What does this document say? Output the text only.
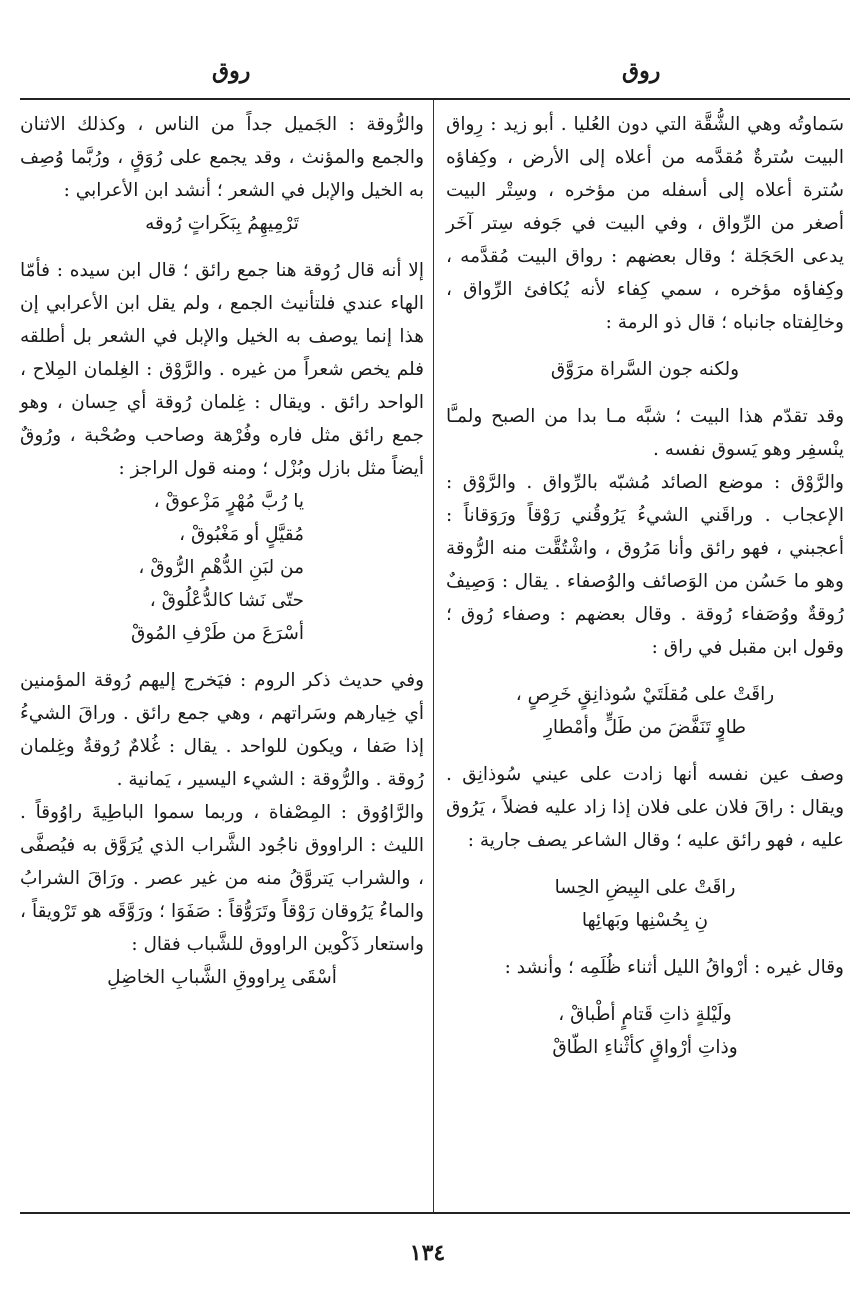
روق
روق

سَماوتُه وهي الشُّقَّة التي دون العُليا . أبو زيد : رِواق البيت سُترةٌ مُقدَّمه من أعلاه إلى الأرض ، وكِفاؤه سُترة أعلاه إلى أسفله من مؤخره ، وسِتْر البيت أصغر من الرِّواق ، وفي البيت في جَوفه سِتر آخَر يدعى الحَجَلة ؛ وقال بعضهم : رواق البيت مُقدَّمه ، وكِفاؤه مؤخره ، سمي كِفاء لأنه يُكافئ الرِّواق ، وخالِفتاه جانباه ؛ قال ذو الرمة :

ولكنه جون السَّراة مرَوَّق

وقد تقدّم هذا البيت ؛ شبَّه مـا بدا من الصبح ولمـَّا ينْسفِر وهو يَسوق نفسه .

والرَّوْق : موضع الصائد مُشبّه بالرِّواق . والرَّوْق : الإعجاب . وراقَني الشيءُ يَرُوقُني رَوْقاً ورَوَقاناً : أعجبني ، فهو رائق وأنا مَرُوق ، واشْتُقَّت منه الرُّوقة وهو ما حَسُن من الوَصائف والوُصفاء . يقال : وَصِيفٌ رُوقةٌ ووُصَفاء رُوقة . وقال بعضهم : وصفاء رُوق ؛ وقول ابن مقبل في راق :

راقَتْ على مُقلَتَيْ سُوذانِقٍ خَرِصٍ ،

طاوٍ تَنَفَّضَ من طَلٍّ وأمْطارِ

وصف عين نفسه أنها زادت على عيني سُوذانِق . ويقال : راقَ فلان على فلان إذا زاد عليه فضلاً ، يَرُوق عليه ، فهو رائق عليه ؛ وقال الشاعر يصف جارية :

راقَتْ على البِيضِ الحِسا

نِ بِحُسْنِها وبَهائِها

وقال غيره : أرْواقُ الليل أثناء ظُلَمِه ؛ وأنشد :

ولَيْلةٍ ذاتِ قَتامٍ أطْباقْ ،

وذاتِ أرْواقٍ كأثْناءِ الطّاقْ

والرُّوقة : الجَميل جداً من الناس ، وكذلك الاثنان والجمع والمؤنث ، وقد يجمع على رُوَقٍ ، ورُبَّما وُصِف به الخيل والإبل في الشعر ؛ أنشد ابن الأعرابي :

تَرْمِيهِمُ بِبَكَراتٍ رُوقه

إلا أنه قال رُوقة هنا جمع رائق ؛ قال ابن سيده : فأمّا الهاء عندي فلتأنيث الجمع ، ولم يقل ابن الأعرابي إن هذا إنما يوصف به الخيل والإبل في الشعر بل أطلقه فلم يخص شعراً من غيره . والرَّوْق : الغِلمان المِلاح ، الواحد رائق . ويقال : غِلمان رُوقة أي حِسان ، وهو جمع رائق مثل فاره وفُرْهة وصاحب وصُحْبة ، ورُوقٌ أيضاً مثل بازل وبُزْل ؛ ومنه قول الراجز :

يا رُبَّ مُهْرٍ مَزْعوقْ ،

مُقيَّلٍ أو مَغْبُوقْ ،

من لبَنِ الدُّهْمِ الرُّوقْ ،

حتّى نَشا كالدُّعْلُوقْ ،

أسْرَعَ من طَرْفِ المُوقْ

وفي حديث ذكر الروم : فيَخرج إليهم رُوقة المؤمنين أي خِيارهم وسَراتهم ، وهي جمع رائق . وراقَ الشيءُ إذا صَفا ، ويكون للواحد . يقال : غُلامٌ رُوقةٌ وغِلمان رُوقة . والرُّوقة : الشيء اليسير ، يَمانية .

والرَّاوُوق : المِصْفاة ، وربما سموا الباطِيةَ راوُوقاً . الليث : الراووق ناجُود الشَّراب الذي يُرَوَّق به فيُصفَّى ، والشراب يَتروَّقُ منه من غير عصر . ورَاقَ الشرابُ والماءُ يَرُوقان رَوْقاً وتَرَوُّقاً : صَفَوَا ؛ ورَوَّقَه هو تَرْويقاً ، واستعار ذَكْوين الراووق للشَّباب فقال :

أسْقَى بِراووقِ الشَّبابِ الخاضِلِ

١٣٤
